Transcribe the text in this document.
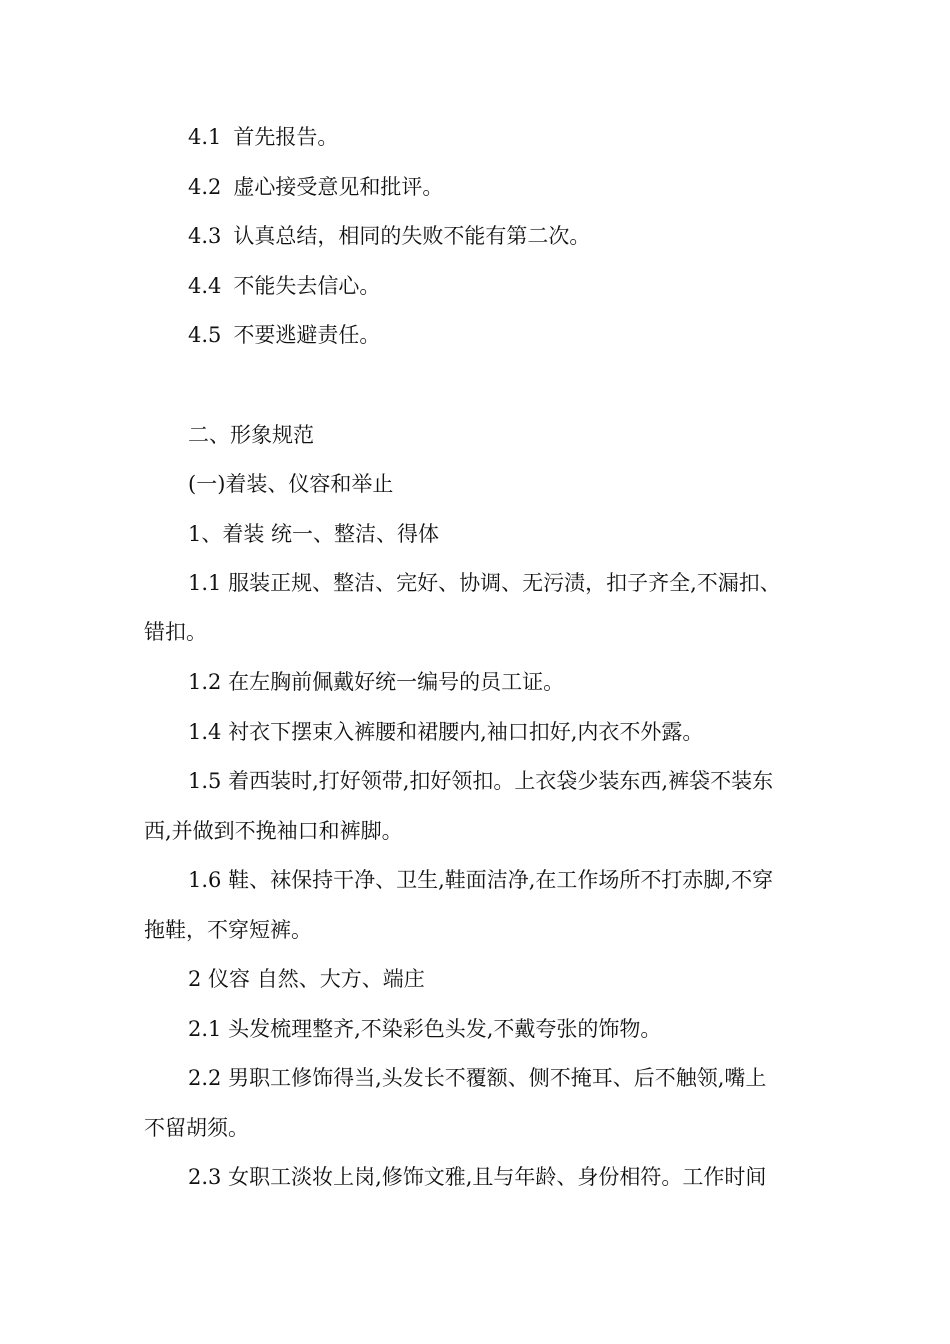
4.1 首先报告。
4.2 虚心接受意见和批评。
4.3 认真总结，相同的失败不能有第二次。
4.4 不能失去信心。
4.5 不要逃避责任。
二、形象规范
(一)着装、仪容和举止
1、着装 统一、整洁、得体
1.1 服装正规、整洁、完好、协调、无污渍，扣子齐全,不漏扣、
错扣。
1.2 在左胸前佩戴好统一编号的员工证。
1.4 衬衣下摆束入裤腰和裙腰内,袖口扣好,内衣不外露。
1.5 着西装时,打好领带,扣好领扣。上衣袋少装东西,裤袋不装东
西,并做到不挽袖口和裤脚。
1.6 鞋、袜保持干净、卫生,鞋面洁净,在工作场所不打赤脚,不穿
拖鞋，不穿短裤。
2 仪容 自然、大方、端庄
2.1 头发梳理整齐,不染彩色头发,不戴夸张的饰物。
2.2 男职工修饰得当,头发长不覆额、侧不掩耳、后不触领,嘴上
不留胡须。
2.3 女职工淡妆上岗,修饰文雅,且与年龄、身份相符。工作时间
